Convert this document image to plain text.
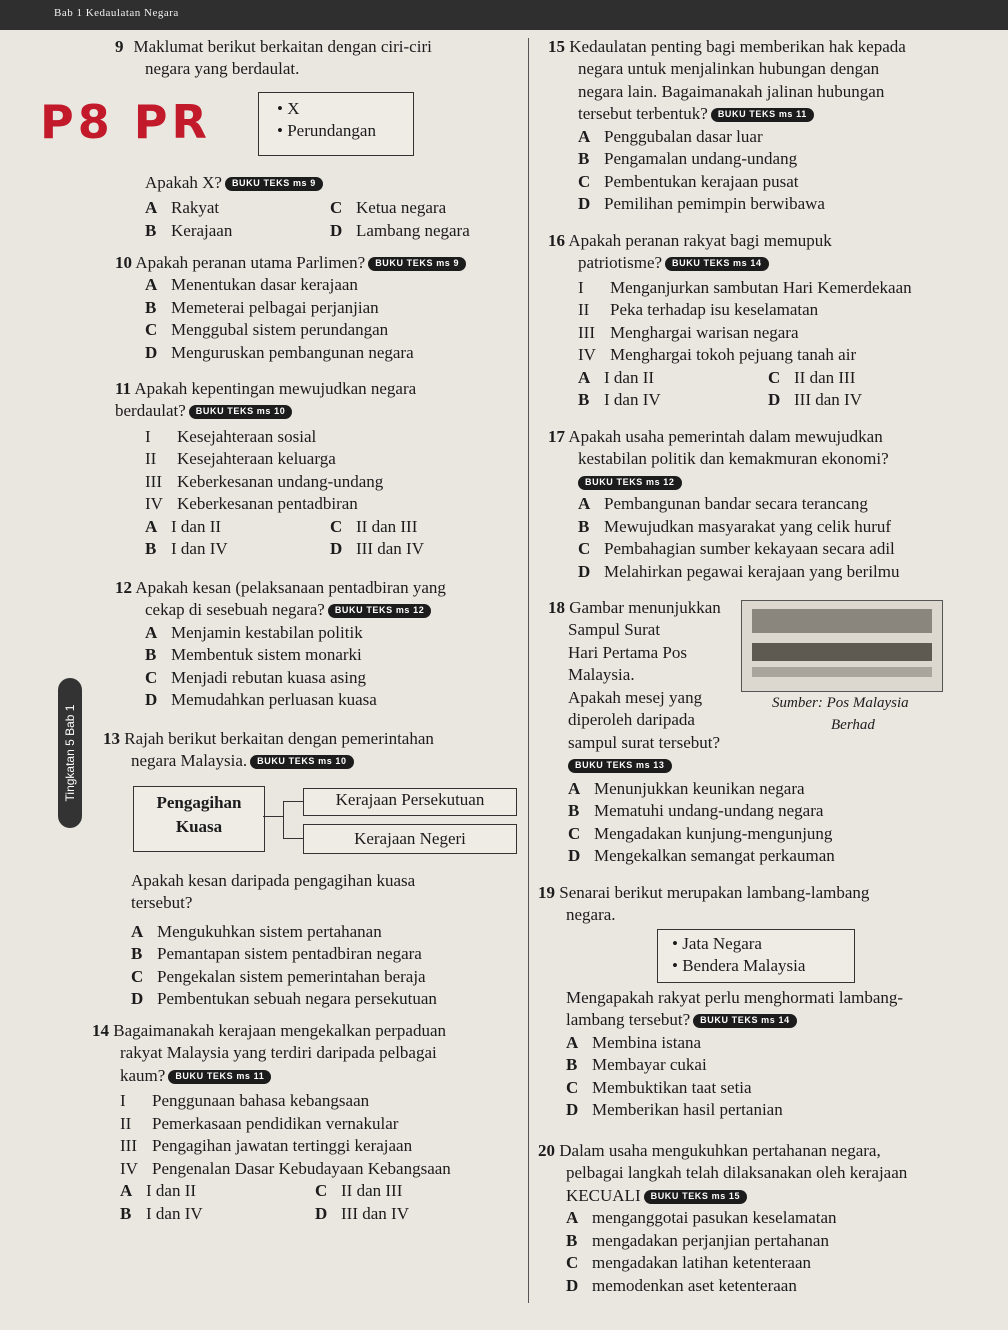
Bab 1 Kedaulatan Negara
P8 PR
Tingkatan 5 Bab 1
9 Maklumat berikut berkaitan dengan ciri-ciri
negara yang berdaulat.
• X
• Perundangan
Apakah X? BUKU TEKS ms 9
A Rakyat	C Ketua negara
B Kerajaan	D Lambang negara
10 Apakah peranan utama Parlimen? BUKU TEKS ms 9
A Menentukan dasar kerajaan
B Memeterai pelbagai perjanjian
C Menggubal sistem perundangan
D Menguruskan pembangunan negara
11 Apakah kepentingan mewujudkan negara
berdaulat? BUKU TEKS ms 10
I Kesejahteraan sosial
II Kesejahteraan keluarga
III Keberkesanan undang-undang
IV Keberkesanan pentadbiran
A I dan II	C II dan III
B I dan IV	D III dan IV
12 Apakah kesan (pelaksanaan pentadbiran yang
cekap di sesebuah negara? BUKU TEKS ms 12
A Menjamin kestabilan politik
B Membentuk sistem monarki
C Menjadi rebutan kuasa asing
D Memudahkan perluasan kuasa
13 Rajah berikut berkaitan dengan pemerintahan
negara Malaysia. BUKU TEKS ms 10
Pengagihan
Kuasa
Kerajaan Persekutuan
Kerajaan Negeri
Apakah kesan daripada pengagihan kuasa
tersebut?
A Mengukuhkan sistem pertahanan
B Pemantapan sistem pentadbiran negara
C Pengekalan sistem pemerintahan beraja
D Pembentukan sebuah negara persekutuan
14 Bagaimanakah kerajaan mengekalkan perpaduan
rakyat Malaysia yang terdiri daripada pelbagai
kaum? BUKU TEKS ms 11
I Penggunaan bahasa kebangsaan
II Pemerkasaan pendidikan vernakular
III Pengagihan jawatan tertinggi kerajaan
IV Pengenalan Dasar Kebudayaan Kebangsaan
A I dan II	C II dan III
B I dan IV	D III dan IV
15 Kedaulatan penting bagi memberikan hak kepada
negara untuk menjalinkan hubungan dengan
negara lain. Bagaimanakah jalinan hubungan
tersebut terbentuk? BUKU TEKS ms 11
A Penggubalan dasar luar
B Pengamalan undang-undang
C Pembentukan kerajaan pusat
D Pemilihan pemimpin berwibawa
16 Apakah peranan rakyat bagi memupuk
patriotisme? BUKU TEKS ms 14
I Menganjurkan sambutan Hari Kemerdekaan
II Peka terhadap isu keselamatan
III Menghargai warisan negara
IV Menghargai tokoh pejuang tanah air
A I dan II	C II dan III
B I dan IV	D III dan IV
17 Apakah usaha pemerintah dalam mewujudkan
kestabilan politik dan kemakmuran ekonomi?
BUKU TEKS ms 12
A Pembangunan bandar secara terancang
B Mewujudkan masyarakat yang celik huruf
C Pembahagian sumber kekayaan secara adil
D Melahirkan pegawai kerajaan yang berilmu
18 Gambar menunjukkan
Sampul Surat
Hari Pertama Pos
Malaysia.
Apakah mesej yang
diperoleh daripada
sampul surat tersebut?
BUKU TEKS ms 13
Sumber: Pos Malaysia
Berhad
A Menunjukkan keunikan negara
B Mematuhi undang-undang negara
C Mengadakan kunjung-mengunjung
D Mengekalkan semangat perkauman
19 Senarai berikut merupakan lambang-lambang
negara.
• Jata Negara
• Bendera Malaysia
Mengapakah rakyat perlu menghormati lambang-
lambang tersebut? BUKU TEKS ms 14
A Membina istana
B Membayar cukai
C Membuktikan taat setia
D Memberikan hasil pertanian
20 Dalam usaha mengukuhkan pertahanan negara,
pelbagai langkah telah dilaksanakan oleh kerajaan
KECUALI BUKU TEKS ms 15
A menganggotai pasukan keselamatan
B mengadakan perjanjian pertahanan
C mengadakan latihan ketenteraan
D memodenkan aset ketenteraan
